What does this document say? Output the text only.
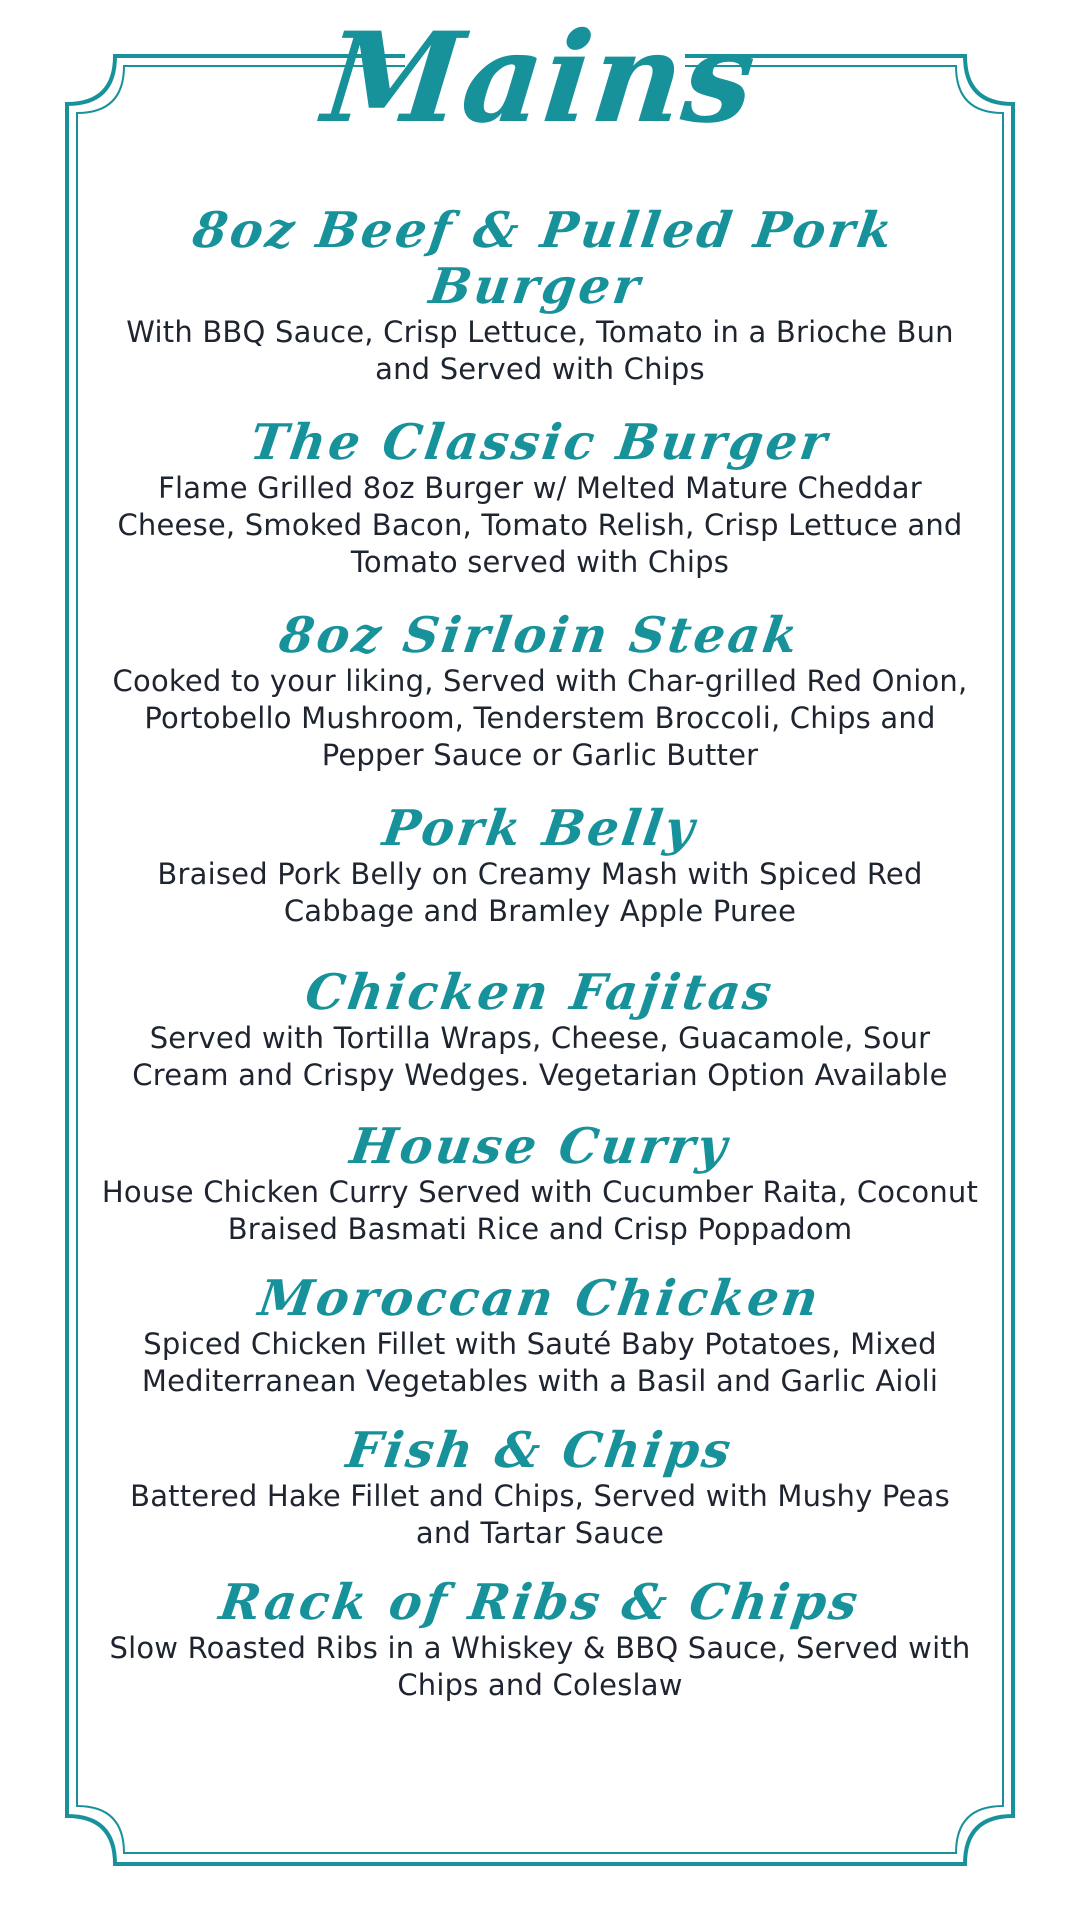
Mains
8oz Beef & Pulled Pork Burger

With BBQ Sauce, Crisp Lettuce, Tomato in a Brioche Bun and Served with Chips

The Classic Burger

Flame Grilled 8oz Burger w/ Melted Mature Cheddar Cheese, Smoked Bacon, Tomato Relish, Crisp Lettuce and Tomato served with Chips

8oz Sirloin Steak

Cooked to your liking, Served with Char-grilled Red Onion, Portobello Mushroom, Tenderstem Broccoli, Chips and Pepper Sauce or Garlic Butter

Pork Belly

Braised Pork Belly on Creamy Mash with Spiced Red Cabbage and Bramley Apple Puree

Chicken Fajitas

Served with Tortilla Wraps, Cheese, Guacamole, Sour Cream and Crispy Wedges. Vegetarian Option Available

House Curry

House Chicken Curry Served with Cucumber Raita, Coconut Braised Basmati Rice and Crisp Poppadom

Moroccan Chicken

Spiced Chicken Fillet with Sauté Baby Potatoes, Mixed Mediterranean Vegetables with a Basil and Garlic Aioli

Fish & Chips

Battered Hake Fillet and Chips, Served with Mushy Peas and Tartar Sauce

Rack of Ribs & Chips

Slow Roasted Ribs in a Whiskey & BBQ Sauce, Served with Chips and Coleslaw
